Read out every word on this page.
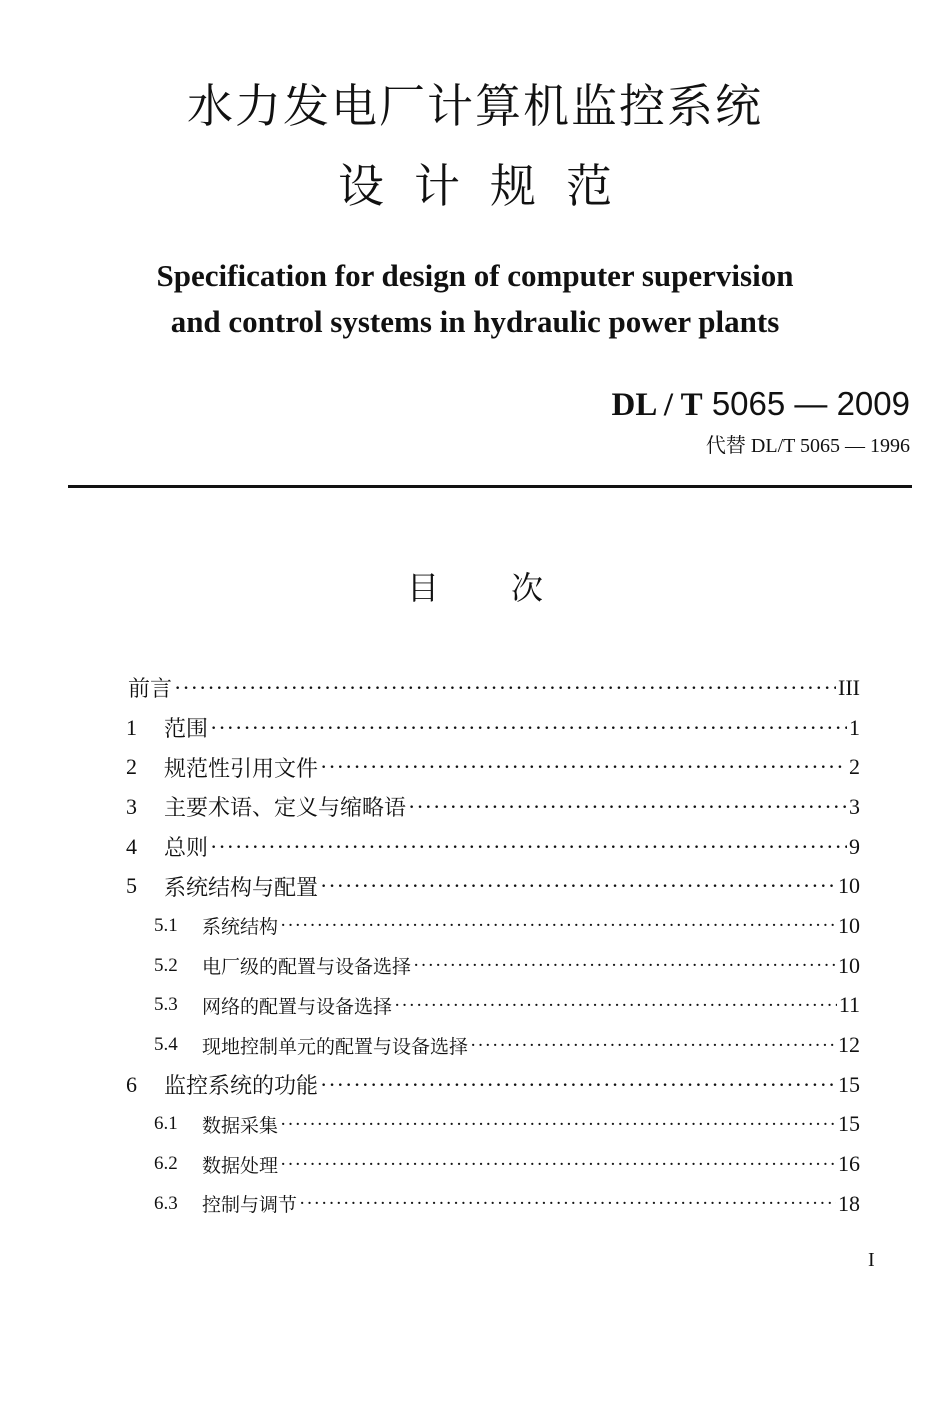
水力发电厂计算机监控系统
设计规范
Specification for design of computer supervision
and control systems in hydraulic power plants
DL / T 5065 — 2009
代替 DL/T 5065 — 1996
目次
前言 ·····	III
1	范围 ·····	1
2	规范性引用文件 ·····	2
3	主要术语、定义与缩略语 ·····	3
4	总则 ·····	9
5	系统结构与配置 ·····	10
5.1	系统结构 ·····	10
5.2	电厂级的配置与设备选择 ·····	10
5.3	网络的配置与设备选择 ·····	11
5.4	现地控制单元的配置与设备选择 ·····	12
6	监控系统的功能 ·····	15
6.1	数据采集 ·····	15
6.2	数据处理 ·····	16
6.3	控制与调节 ·····	18
I
